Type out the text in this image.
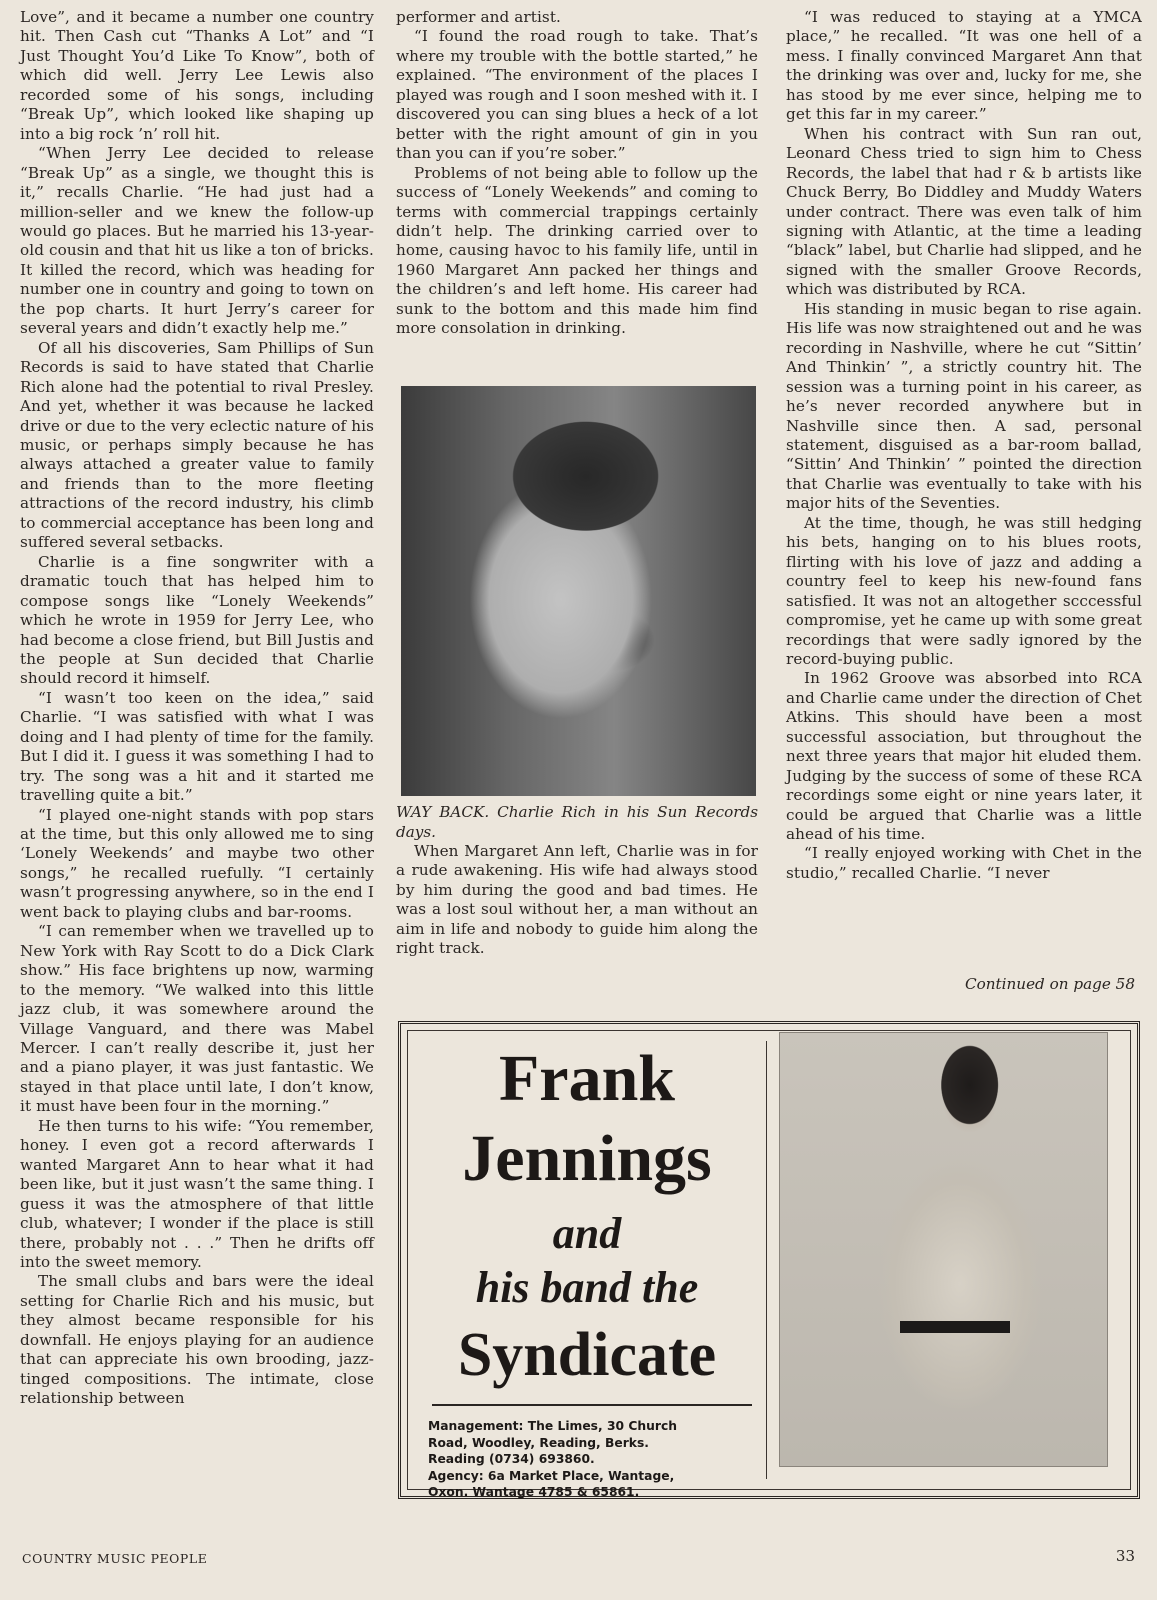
Love”, and it became a number one country hit. Then Cash cut “Thanks A Lot” and “I Just Thought You’d Like To Know”, both of which did well. Jerry Lee Lewis also recorded some of his songs, including “Break Up”, which looked like shaping up into a big rock ’n’ roll hit.

“When Jerry Lee decided to release “Break Up” as a single, we thought this is it,” recalls Charlie. “He had just had a million-seller and we knew the follow-up would go places. But he married his 13-year-old cousin and that hit us like a ton of bricks. It killed the record, which was heading for number one in country and going to town on the pop charts. It hurt Jerry’s career for several years and didn’t exactly help me.”

Of all his discoveries, Sam Phillips of Sun Records is said to have stated that Charlie Rich alone had the potential to rival Presley. And yet, whether it was because he lacked drive or due to the very eclectic nature of his music, or perhaps simply because he has always attached a greater value to family and friends than to the more fleeting attractions of the record industry, his climb to commercial acceptance has been long and suffered several setbacks.

Charlie is a fine songwriter with a dramatic touch that has helped him to compose songs like “Lonely Weekends” which he wrote in 1959 for Jerry Lee, who had become a close friend, but Bill Justis and the people at Sun decided that Charlie should record it himself.

“I wasn’t too keen on the idea,” said Charlie. “I was satisfied with what I was doing and I had plenty of time for the family. But I did it. I guess it was something I had to try. The song was a hit and it started me travelling quite a bit.”

“I played one-night stands with pop stars at the time, but this only allowed me to sing ‘Lonely Weekends’ and maybe two other songs,” he recalled ruefully. “I certainly wasn’t progressing anywhere, so in the end I went back to playing clubs and bar-rooms.

“I can remember when we travelled up to New York with Ray Scott to do a Dick Clark show.” His face brightens up now, warming to the memory. “We walked into this little jazz club, it was somewhere around the Village Vanguard, and there was Mabel Mercer. I can’t really describe it, just her and a piano player, it was just fantastic. We stayed in that place until late, I don’t know, it must have been four in the morning.”

He then turns to his wife: “You remember, honey. I even got a record afterwards I wanted Margaret Ann to hear what it had been like, but it just wasn’t the same thing. I guess it was the atmosphere of that little club, whatever; I wonder if the place is still there, probably not . . .” Then he drifts off into the sweet memory.

The small clubs and bars were the ideal setting for Charlie Rich and his music, but they almost became responsible for his downfall. He enjoys playing for an audience that can appreciate his own brooding, jazz-tinged compositions. The intimate, close relationship between

performer and artist.

“I found the road rough to take. That’s where my trouble with the bottle started,” he explained. “The environment of the places I played was rough and I soon meshed with it. I discovered you can sing blues a heck of a lot better with the right amount of gin in you than you can if you’re sober.”

Problems of not being able to follow up the success of “Lonely Weekends” and coming to terms with commercial trappings certainly didn’t help. The drinking carried over to home, causing havoc to his family life, until in 1960 Margaret Ann packed her things and the children’s and left home. His career had sunk to the bottom and this made him find more consolation in drinking.

WAY BACK. Charlie Rich in his Sun Records days.

When Margaret Ann left, Charlie was in for a rude awakening. His wife had always stood by him during the good and bad times. He was a lost soul without her, a man without an aim in life and nobody to guide him along the right track.

“I was reduced to staying at a YMCA place,” he recalled. “It was one hell of a mess. I finally convinced Margaret Ann that the drinking was over and, lucky for me, she has stood by me ever since, helping me to get this far in my career.”

When his contract with Sun ran out, Leonard Chess tried to sign him to Chess Records, the label that had r & b artists like Chuck Berry, Bo Diddley and Muddy Waters under contract. There was even talk of him signing with Atlantic, at the time a leading “black” label, but Charlie had slipped, and he signed with the smaller Groove Records, which was distributed by RCA.

His standing in music began to rise again. His life was now straightened out and he was recording in Nashville, where he cut “Sittin’ And Thinkin’ ”, a strictly country hit. The session was a turning point in his career, as he’s never recorded anywhere but in Nashville since then. A sad, personal statement, disguised as a bar-room ballad, “Sittin’ And Thinkin’ ” pointed the direction that Charlie was eventually to take with his major hits of the Seventies.

At the time, though, he was still hedging his bets, hanging on to his blues roots, flirting with his love of jazz and adding a country feel to keep his new-found fans satisfied. It was not an altogether scccessful compromise, yet he came up with some great recordings that were sadly ignored by the record-buying public.

In 1962 Groove was absorbed into RCA and Charlie came under the direction of Chet Atkins. This should have been a most successful association, but throughout the next three years that major hit eluded them. Judging by the success of some of these RCA recordings some eight or nine years later, it could be argued that Charlie was a little ahead of his time.

“I really enjoyed working with Chet in the studio,” recalled Charlie. “I never

Continued on page 58
Frank
Jennings
and
his band the
Syndicate
Management: The Limes, 30 Church
Road, Woodley, Reading, Berks.
Reading (0734) 693860.
Agency: 6a Market Place, Wantage,
Oxon. Wantage 4785 & 65861.
COUNTRY MUSIC PEOPLE	33
